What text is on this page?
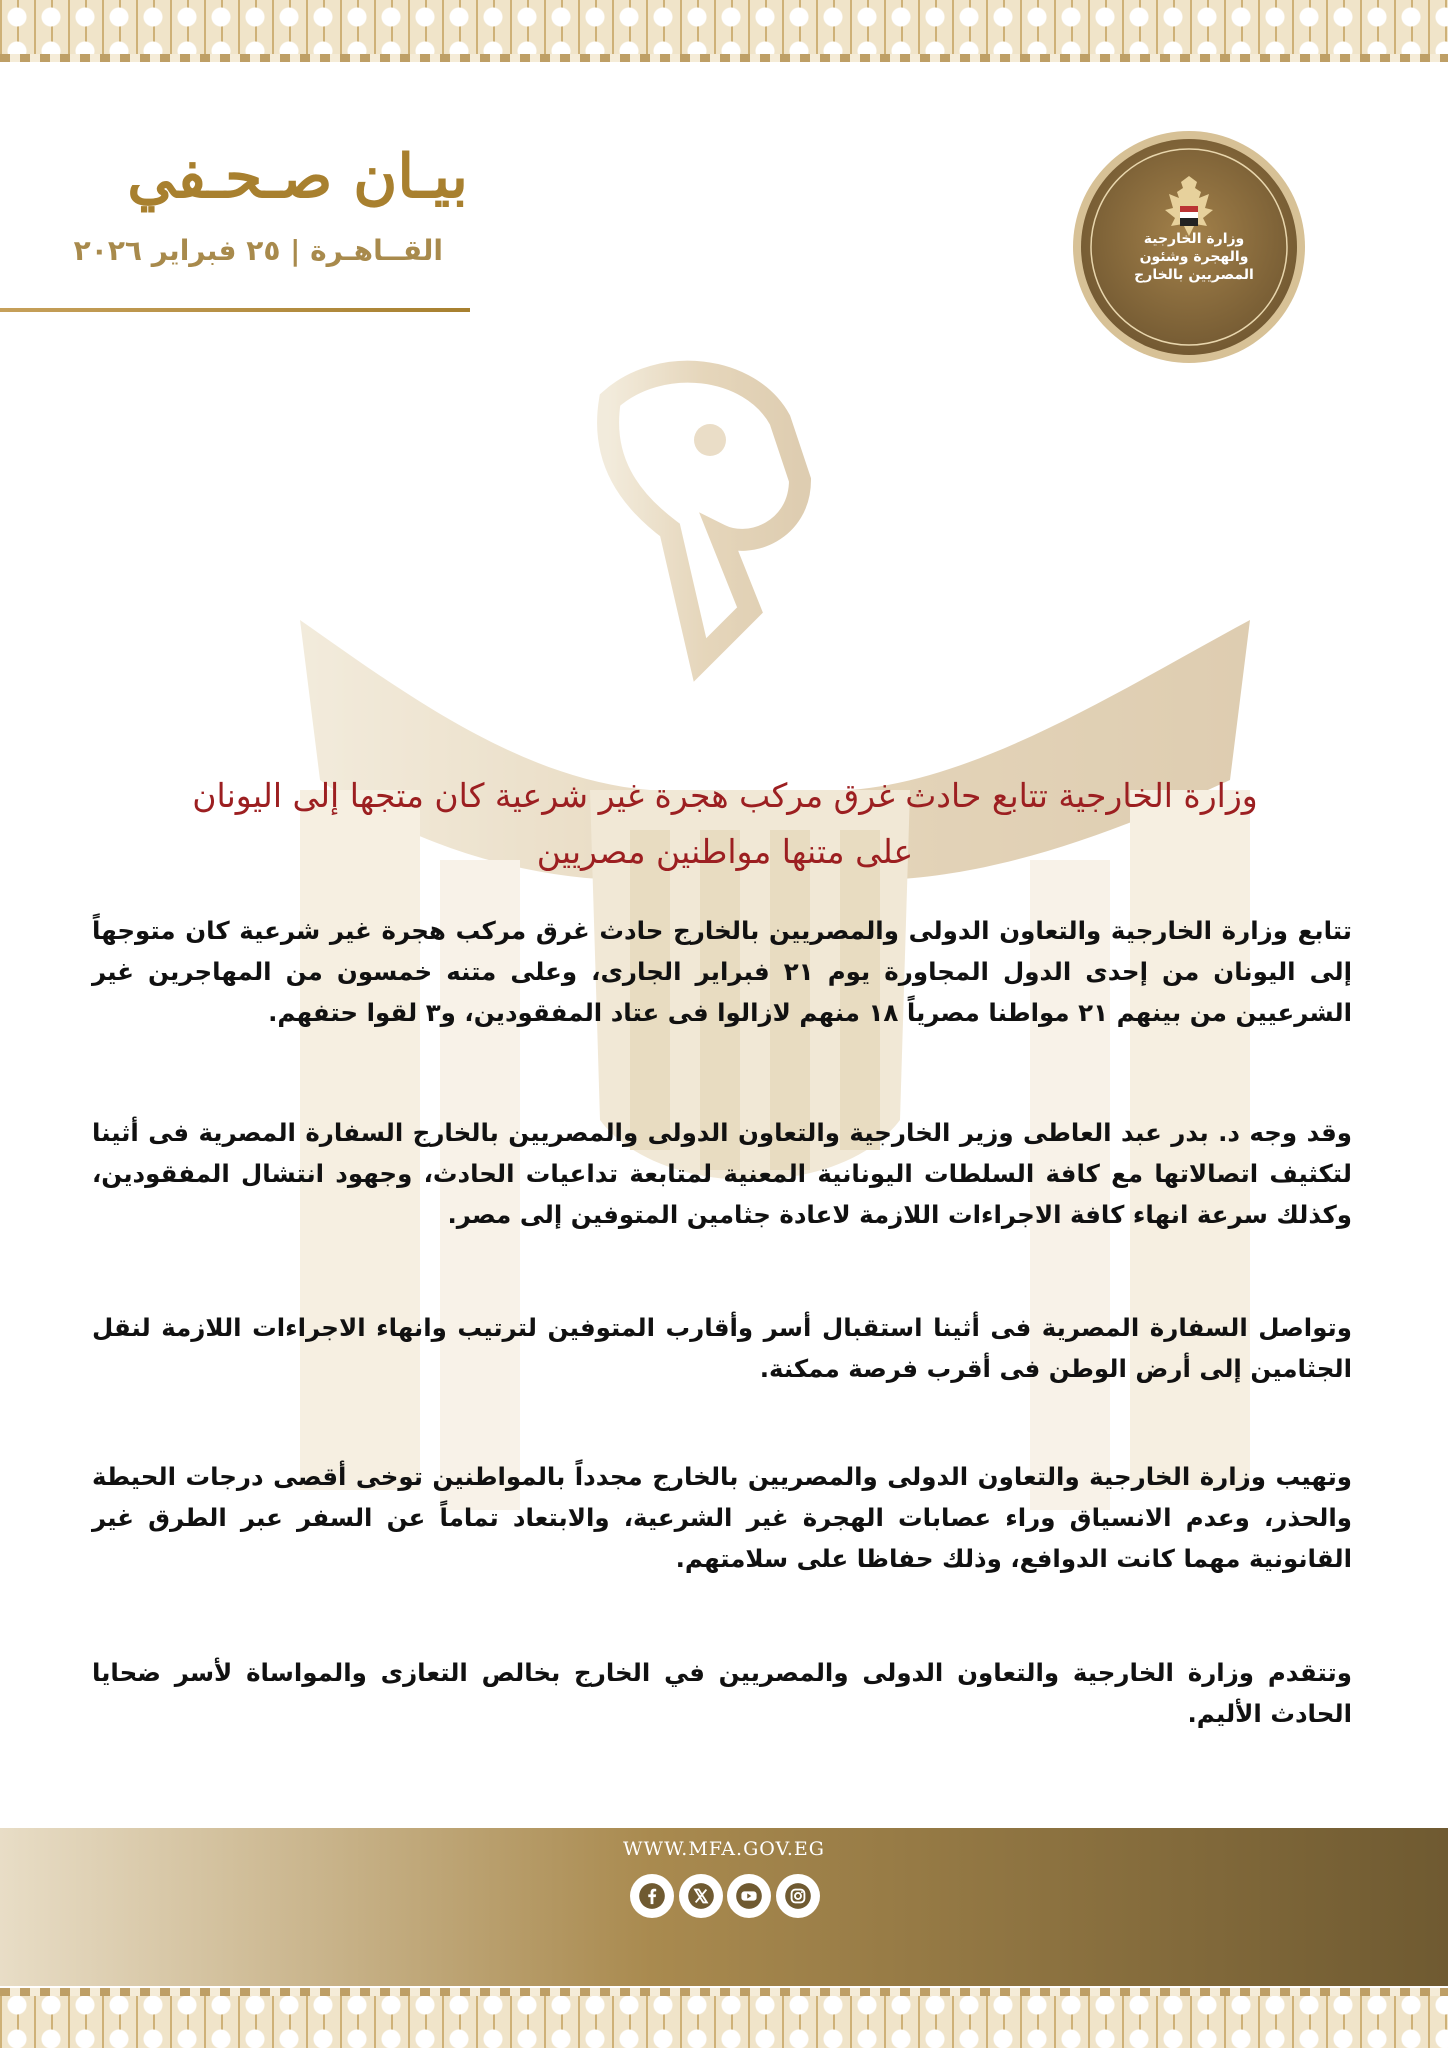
بيـان صـحـفي
القــاهـرة | ٢٥ فبراير ٢٠٢٦	وزارة الخارجية والهجرة وشئون المصريين بالخارج
وزارة الخارجية تتابع حادث غرق مركب هجرة غير شرعية كان متجها إلى اليونان
على متنها مواطنين مصريين
تتابع وزارة الخارجية والتعاون الدولى والمصريين بالخارج حادث غرق مركب هجرة غير شرعية كان متوجهاً إلى اليونان من إحدى الدول المجاورة يوم ٢١ فبراير الجارى، وعلى متنه خمسون من المهاجرين غير الشرعيين من بينهم ٢١ مواطنا مصرياً ١٨ منهم لازالوا فى عتاد المفقودين، و٣ لقوا حتفهم.
وقد وجه د. بدر عبد العاطى وزير الخارجية والتعاون الدولى والمصريين بالخارج السفارة المصرية فى أثينا لتكثيف اتصالاتها مع كافة السلطات اليونانية المعنية لمتابعة تداعيات الحادث، وجهود انتشال المفقودين، وكذلك سرعة انهاء كافة الاجراءات اللازمة لاعادة جثامين المتوفين إلى مصر.
وتواصل السفارة المصرية فى أثينا استقبال أسر وأقارب المتوفين لترتيب وانهاء الاجراءات اللازمة لنقل الجثامين إلى أرض الوطن فى أقرب فرصة ممكنة.
وتهيب وزارة الخارجية والتعاون الدولى والمصريين بالخارج مجدداً بالمواطنين توخى أقصى درجات الحيطة والحذر، وعدم الانسياق وراء عصابات الهجرة غير الشرعية، والابتعاد تماماً عن السفر عبر الطرق غير القانونية مهما كانت الدوافع، وذلك حفاظا على سلامتهم.
وتتقدم وزارة الخارجية والتعاون الدولى والمصريين في الخارج بخالص التعازى والمواساة لأسر ضحايا الحادث الأليم.
WWW.MFA.GOV.EG
